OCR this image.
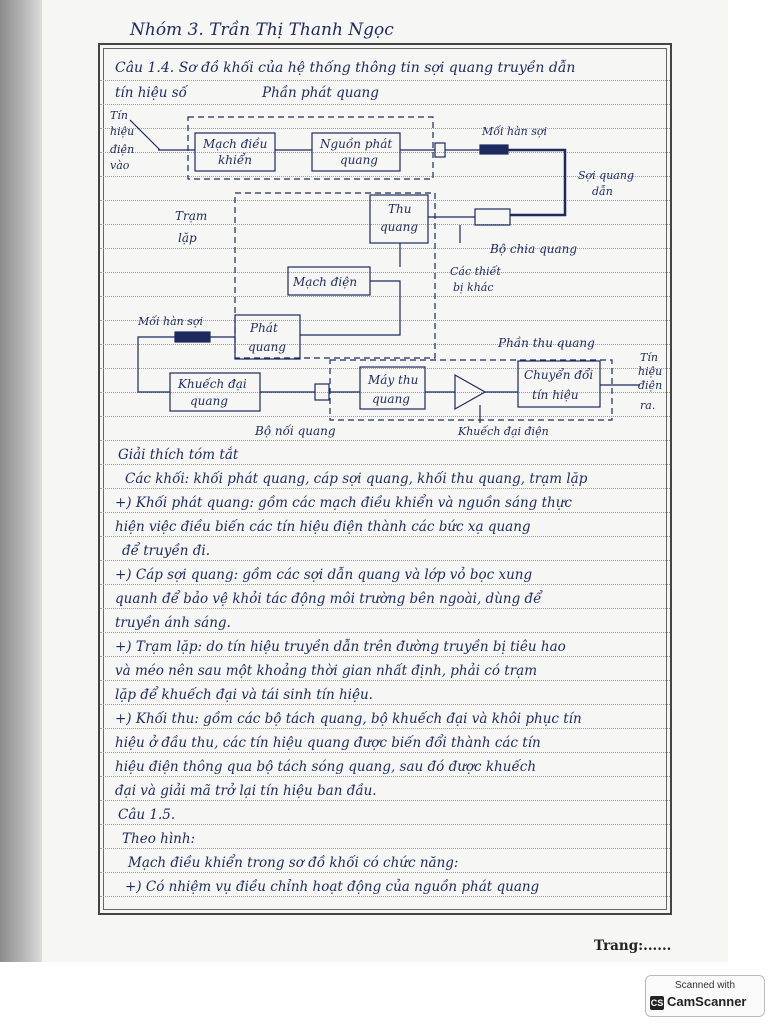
Nhóm 3. Trần Thị Thanh Ngọc
Câu 1.4. Sơ đồ khối của hệ thống thông tin sợi quang truyền dẫn
tín hiệu số	Phần phát quang
Tín
hiệu
điện
vào
Mạch điều
khiển
Nguồn phát
quang
Mối hàn sợi
Sợi quang
dẫn
Trạm
lặp
Thu
quang
Bộ chia quang
Các thiết
bị khác
Mạch điện
Mối hàn sợi	Phát
quang	Phần thu quang
Tín
hiệu
điện
ra.
Khuếch đại
quang
Máy thu
quang
Chuyển đổi
tín hiệu
Bộ nối quang	Khuếch đại điện
Giải thích tóm tắt
Các khối: khối phát quang, cáp sợi quang, khối thu quang, trạm lặp
+) Khối phát quang: gồm các mạch điều khiển và nguồn sáng thực
hiện việc điều biến các tín hiệu điện thành các bức xạ quang
để truyền đi.
+) Cáp sợi quang: gồm các sợi dẫn quang và lớp vỏ bọc xung
quanh để bảo vệ khỏi tác động môi trường bên ngoài, dùng để
truyền ánh sáng.
+) Trạm lặp: do tín hiệu truyền dẫn trên đường truyền bị tiêu hao
và méo nên sau một khoảng thời gian nhất định, phải có trạm
lặp để khuếch đại và tái sinh tín hiệu.
+) Khối thu: gồm các bộ tách quang, bộ khuếch đại và khôi phục tín
hiệu ở đầu thu, các tín hiệu quang được biến đổi thành các tín
hiệu điện thông qua bộ tách sóng quang, sau đó được khuếch
đại và giải mã trở lại tín hiệu ban đầu.
Câu 1.5.
Theo hình:
Mạch điều khiển trong sơ đồ khối có chức năng:
+) Có nhiệm vụ điều chỉnh hoạt động của nguồn phát quang
Trang:......
Scanned with
CS CamScanner
